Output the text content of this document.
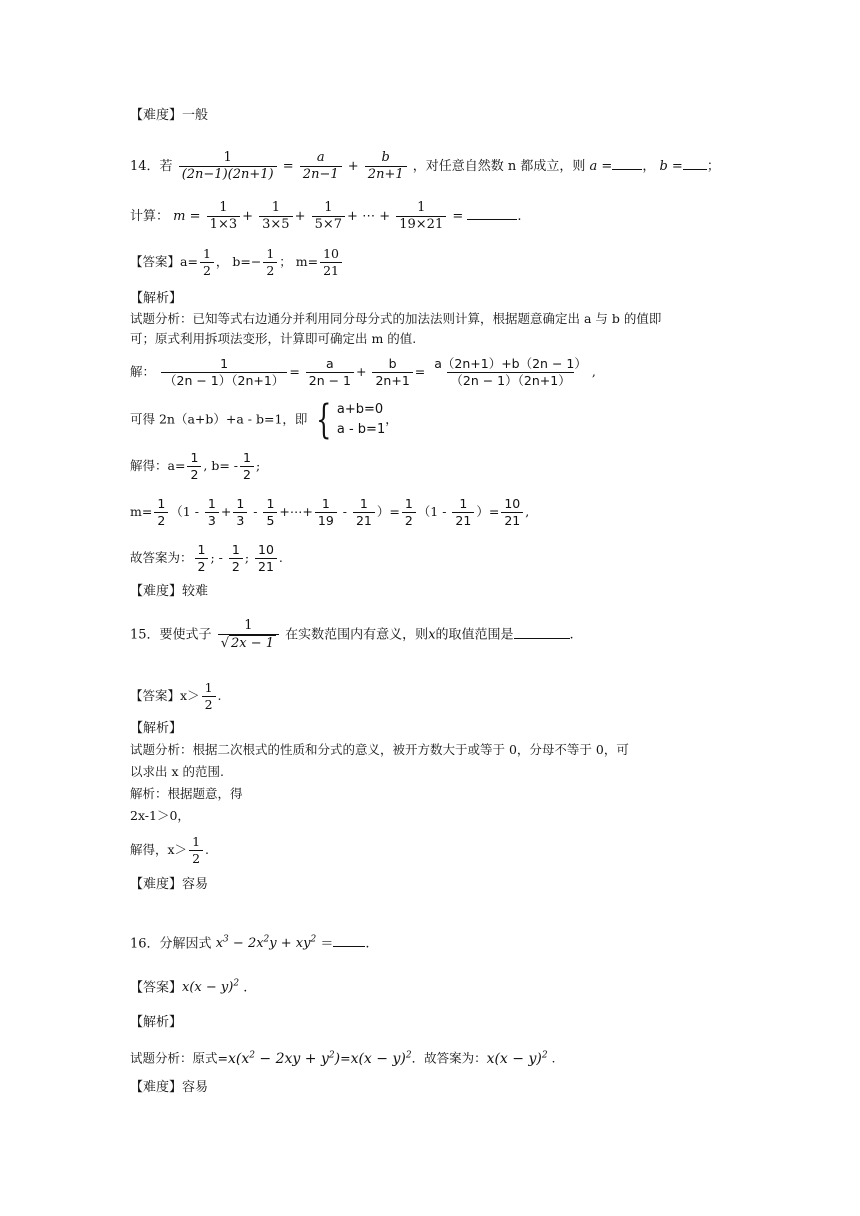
【难度】一般
14．若 $\frac{1}{(2n-1)(2n+1)} = \frac{a}{2n-1} + \frac{b}{2n+1}$ ，对任意自然数 n 都成立，则 a = ， b = ；
计算： $m = \frac{1}{1\times 3} + \frac{1}{3\times 5} + \frac{1}{5\times 7}$ + ⋯ + $\frac{1}{19\times 21}$ =	.
【答案】$a= \frac{1}{2}$ ， $b=- \frac{1}{2}$ ； $m= \frac{10}{21}$
【解析】
试题分析：已知等式右边通分并利用同分母分式的加法法则计算，根据题意确定出 a 与 b 的值即
可；原式利用拆项法变形，计算即可确定出 m 的值.
解： $\frac{1}{(2n - 1)(2n+1)} = \frac{a}{2n - 1} + \frac{b}{2n+1} = \frac{a(2n+1)+b(2n - 1)}{(2n - 1)(2n+1)}$ ,
可得 2n（a+b）+a - b=1，即 { a+b=0
a - b=1
，
解得：$a= \frac{1}{2}$ , $b= - \frac{1}{2}$ ;
$m= \frac{1}{2} (1 - \frac{1}{3} + \frac{1}{3} - \frac{1}{5}$ +⋯+ $\frac{1}{19} - \frac{1}{21}$ ）= $\frac{1}{2} (1 - \frac{1}{21}$ ）= $\frac{10}{21}$ ,
故答案为： $\frac{1}{2}$ ; - $\frac{1}{2}$ ; $\frac{10}{21}$ .
【难度】较难
15．要使式子 $\frac{1}{√ 2x - 1}$ 在实数范围内有意义，则x的取值范围是	.
【答案】$x> \frac{1}{2}$ .
【解析】
试题分析：根据二次根式的性质和分式的意义，被开方数大于或等于 0，分母不等于 0，可
以求出 x 的范围.
解析：根据题意，得
2x-1＞0，
解得，$x> \frac{1}{2}$ .
【难度】容易
16．分解因式 $x^3 - 2x^2y + xy^2$ ＝ .
【答案】$x(x - y)^2$ .
【解析】
试题分析：原式$=x(x^2 - 2xy + y^2)=x(x - y)^2$．故答案为：$x(x - y)^2$ .
【难度】容易
